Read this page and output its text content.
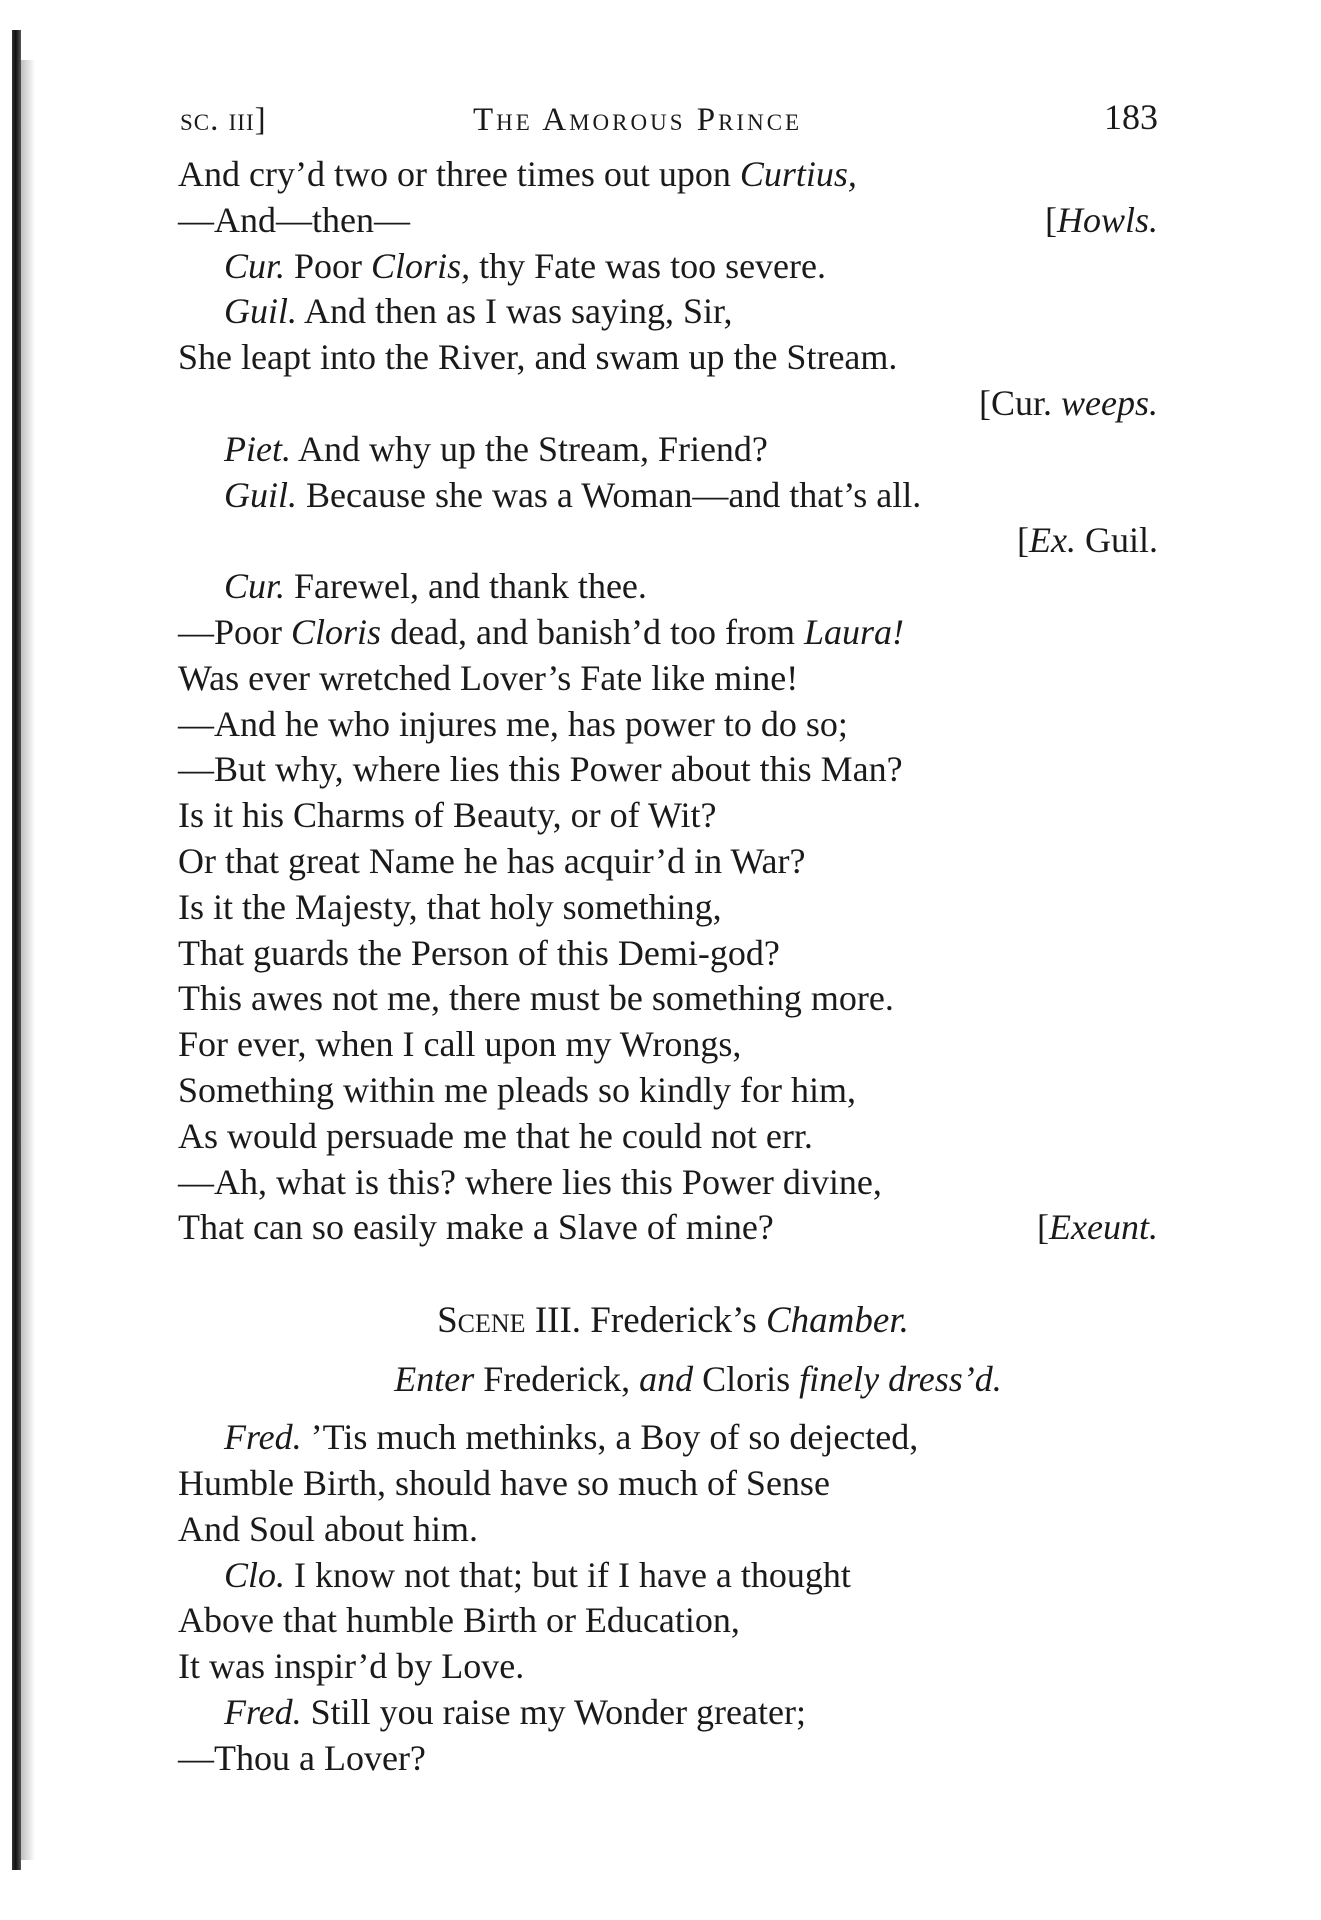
sc. iii]	The Amorous Prince	183
And cry’d two or three times out upon Curtius,
—And—then—	[Howls.
Cur. Poor Cloris, thy Fate was too severe.
Guil. And then as I was saying, Sir,
She leapt into the River, and swam up the Stream.
[Cur. weeps.
Piet. And why up the Stream, Friend?
Guil. Because she was a Woman—and that’s all.
[Ex. Guil.
Cur. Farewel, and thank thee.
—Poor Cloris dead, and banish’d too from Laura!
Was ever wretched Lover’s Fate like mine!
—And he who injures me, has power to do so;
—But why, where lies this Power about this Man?
Is it his Charms of Beauty, or of Wit?
Or that great Name he has acquir’d in War?
Is it the Majesty, that holy something,
That guards the Person of this Demi-god?
This awes not me, there must be something more.
For ever, when I call upon my Wrongs,
Something within me pleads so kindly for him,
As would persuade me that he could not err.
—Ah, what is this? where lies this Power divine,
That can so easily make a Slave of mine?	[Exeunt.
Scene III. Frederick’s Chamber.
Enter Frederick, and Cloris finely dress’d.
Fred. ’Tis much methinks, a Boy of so dejected,
Humble Birth, should have so much of Sense
And Soul about him.
Clo. I know not that; but if I have a thought
Above that humble Birth or Education,
It was inspir’d by Love.
Fred. Still you raise my Wonder greater;
—Thou a Lover?
